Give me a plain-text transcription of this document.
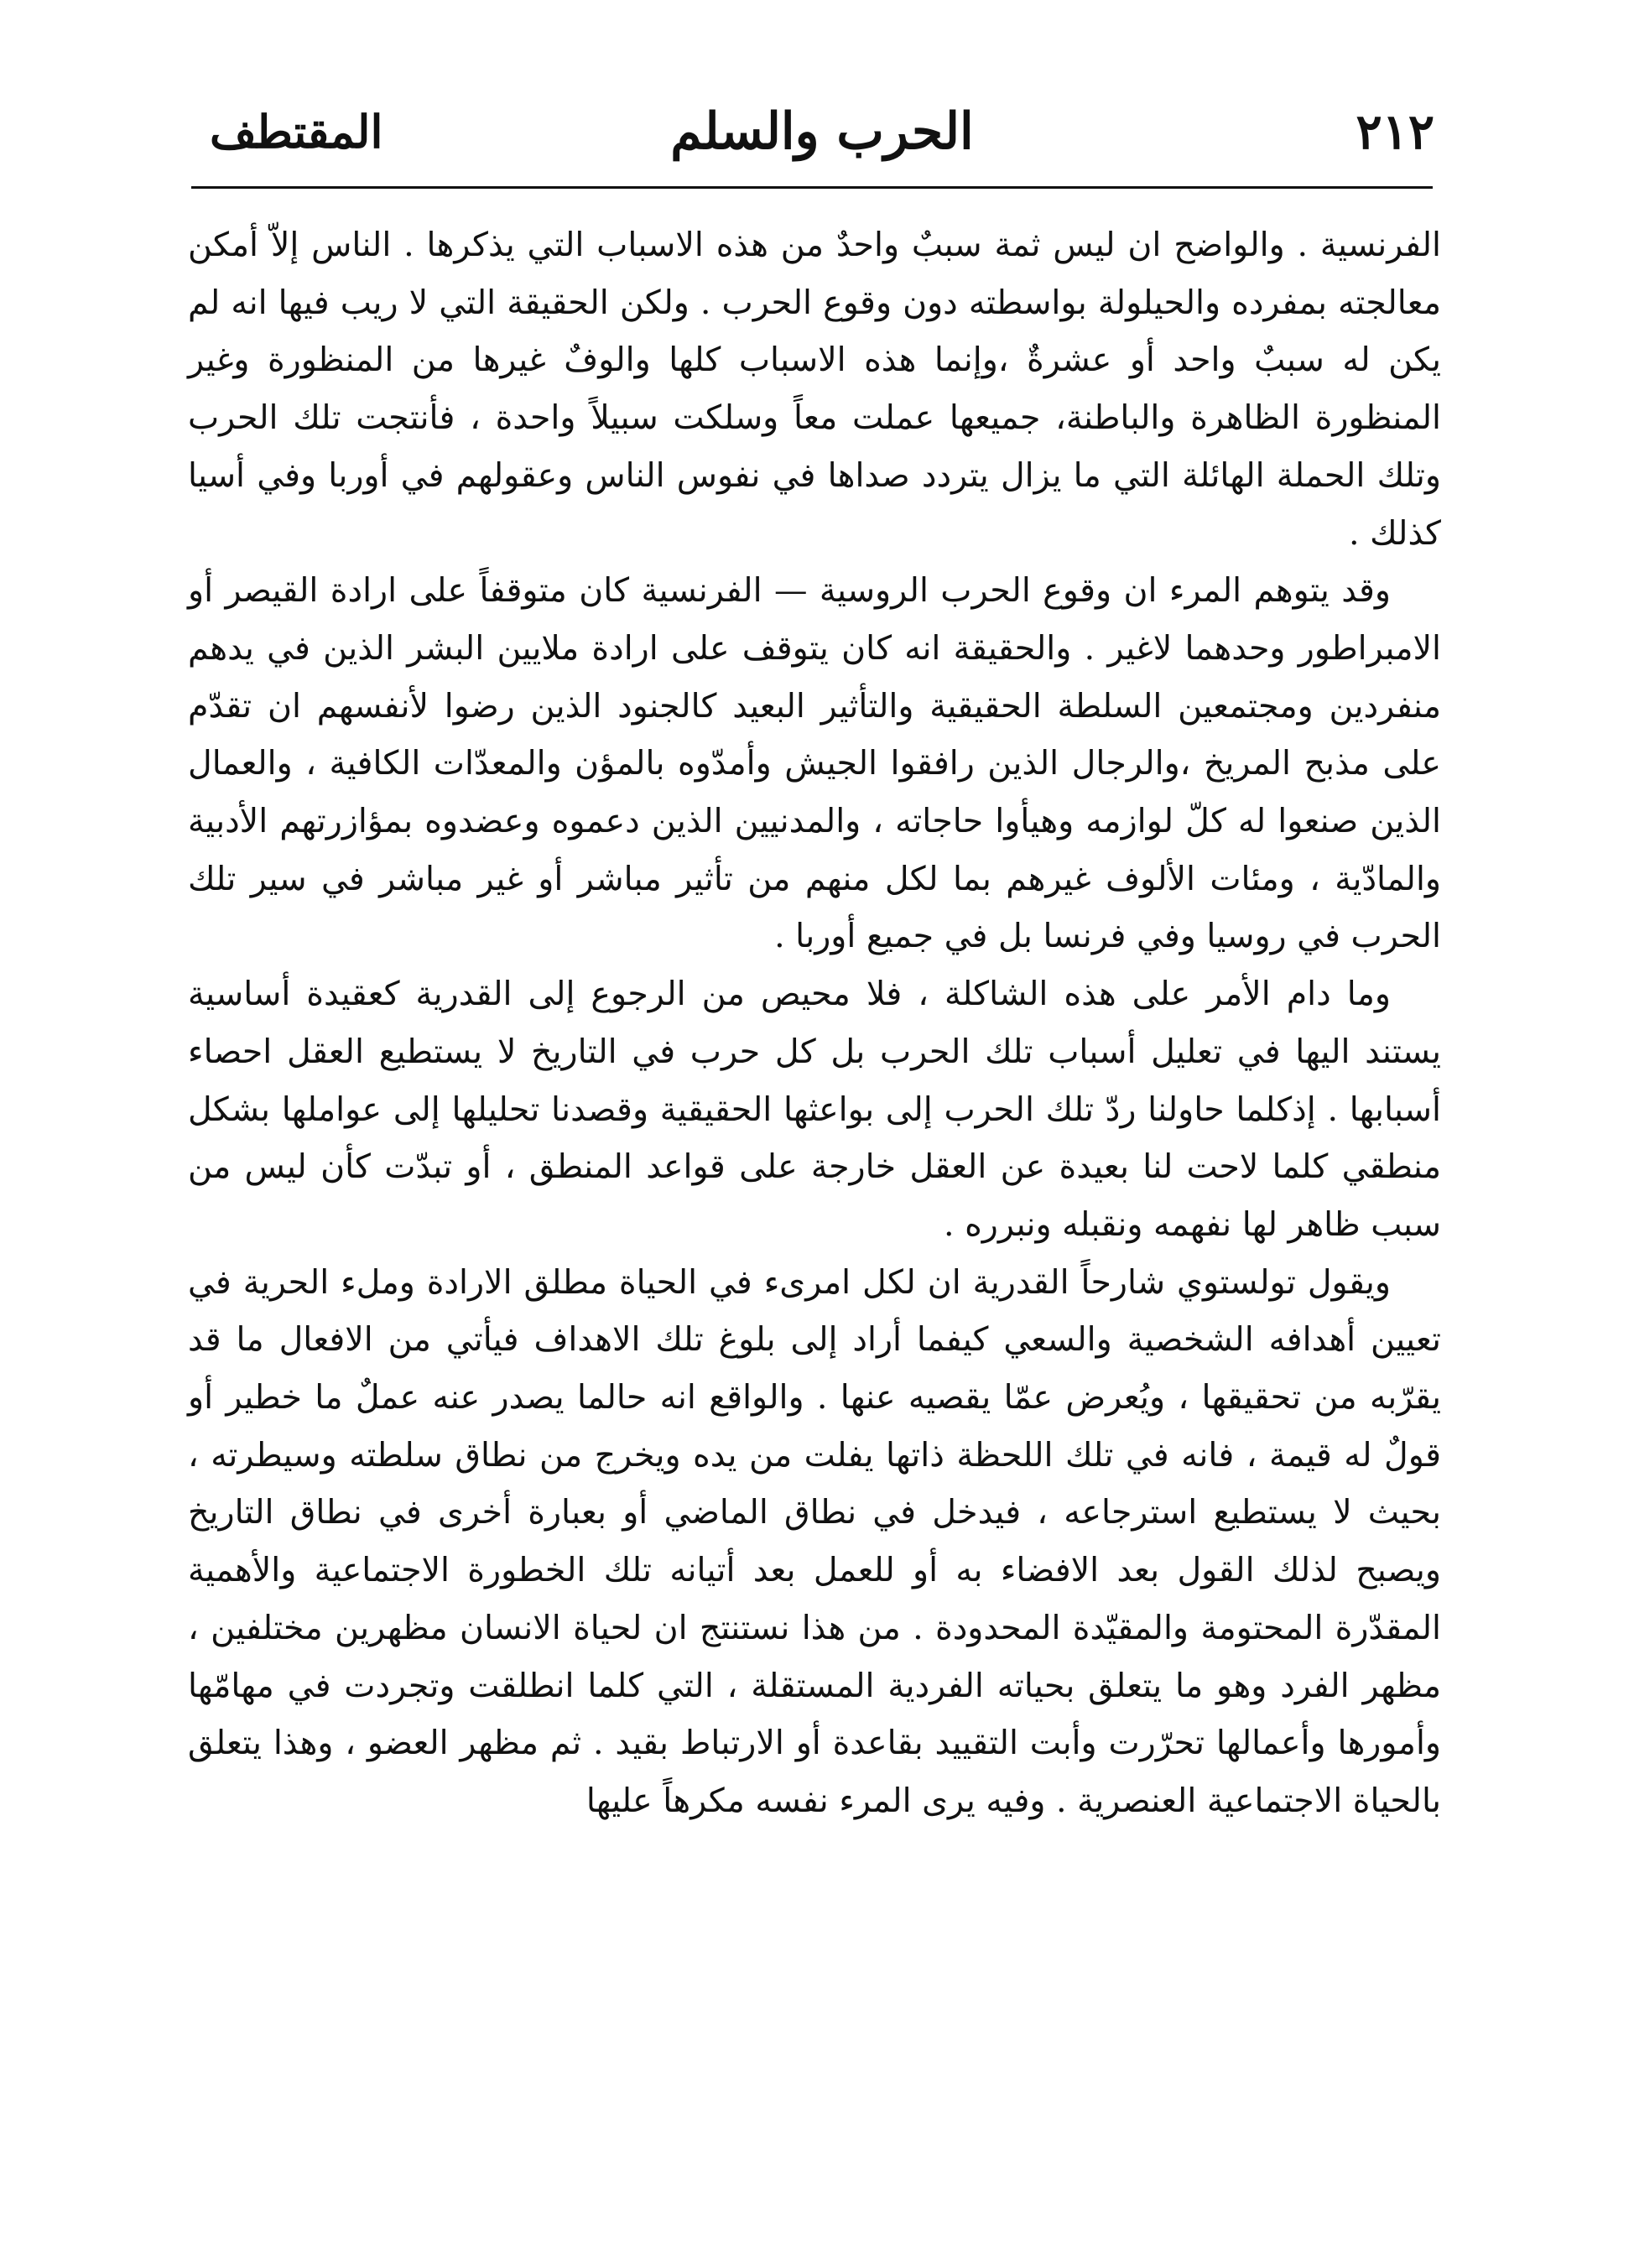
٢١٢
الحرب والسلم
المقتطف

الفرنسية . والواضح ان ليس ثمة سببٌ واحدٌ من هذه الاسباب التي يذكرها . الناس إلاّ أمكن معالجته بمفرده والحيلولة بواسطته دون وقوع الحرب . ولكن الحقيقة التي لا ريب فيها انه لم يكن له سببٌ واحد أو عشرةٌ ،وإنما هذه الاسباب كلها والوفٌ غيرها من المنظورة وغير المنظورة الظاهرة والباطنة، جميعها عملت معاً وسلكت سبيلاً واحدة ، فأنتجت تلك الحرب وتلك الحملة الهائلة التي ما يزال يتردد صداها في نفوس الناس وعقولهم في أوربا وفي أسيا كذلك .

وقد يتوهم المرء ان وقوع الحرب الروسية — الفرنسية كان متوقفاً على ارادة القيصر أو الامبراطور وحدهما لاغير . والحقيقة انه كان يتوقف على ارادة ملايين البشر الذين في يدهم منفردين ومجتمعين السلطة الحقيقية والتأثير البعيد كالجنود الذين رضوا لأنفسهم ان تقدّم على مذبح المريخ ،والرجال الذين رافقوا الجيش وأمدّوه بالمؤن والمعدّات الكافية ، والعمال الذين صنعوا له كلّ لوازمه وهيأوا حاجاته ، والمدنيين الذين دعموه وعضدوه بمؤازرتهم الأدبية والمادّية ، ومئات الألوف غيرهم بما لكل منهم من تأثير مباشر أو غير مباشر في سير تلك الحرب في روسيا وفي فرنسا بل في جميع أوربا .

وما دام الأمر على هذه الشاكلة ، فلا محيص من الرجوع إلى القدرية كعقيدة أساسية يستند اليها في تعليل أسباب تلك الحرب بل كل حرب في التاريخ لا يستطيع العقل احصاء أسبابها . إذكلما حاولنا ردّ تلك الحرب إلى بواعثها الحقيقية وقصدنا تحليلها إلى عواملها بشكل منطقي كلما لاحت لنا بعيدة عن العقل خارجة على قواعد المنطق ، أو تبدّت كأن ليس من سبب ظاهر لها نفهمه ونقبله ونبرره .

ويقول تولستوي شارحاً القدرية ان لكل امرىء في الحياة مطلق الارادة وملء الحرية في تعيين أهدافه الشخصية والسعي كيفما أراد إلى بلوغ تلك الاهداف فيأتي من الافعال ما قد يقرّبه من تحقيقها ، ويُعرض عمّا يقصيه عنها . والواقع انه حالما يصدر عنه عملٌ ما خطير أو قولٌ له قيمة ، فانه في تلك اللحظة ذاتها يفلت من يده ويخرج من نطاق سلطته وسيطرته ، بحيث لا يستطيع استرجاعه ، فيدخل في نطاق الماضي أو بعبارة أخرى في نطاق التاريخ ويصبح لذلك القول بعد الافضاء به أو للعمل بعد أتيانه تلك الخطورة الاجتماعية والأهمية المقدّرة المحتومة والمقيّدة المحدودة . من هذا نستنتج ان لحياة الانسان مظهرين مختلفين ، مظهر الفرد وهو ما يتعلق بحياته الفردية المستقلة ، التي كلما انطلقت وتجردت في مهامّها وأمورها وأعمالها تحرّرت وأبت التقييد بقاعدة أو الارتباط بقيد . ثم مظهر العضو ، وهذا يتعلق بالحياة الاجتماعية العنصرية . وفيه يرى المرء نفسه مكرهاً عليها
